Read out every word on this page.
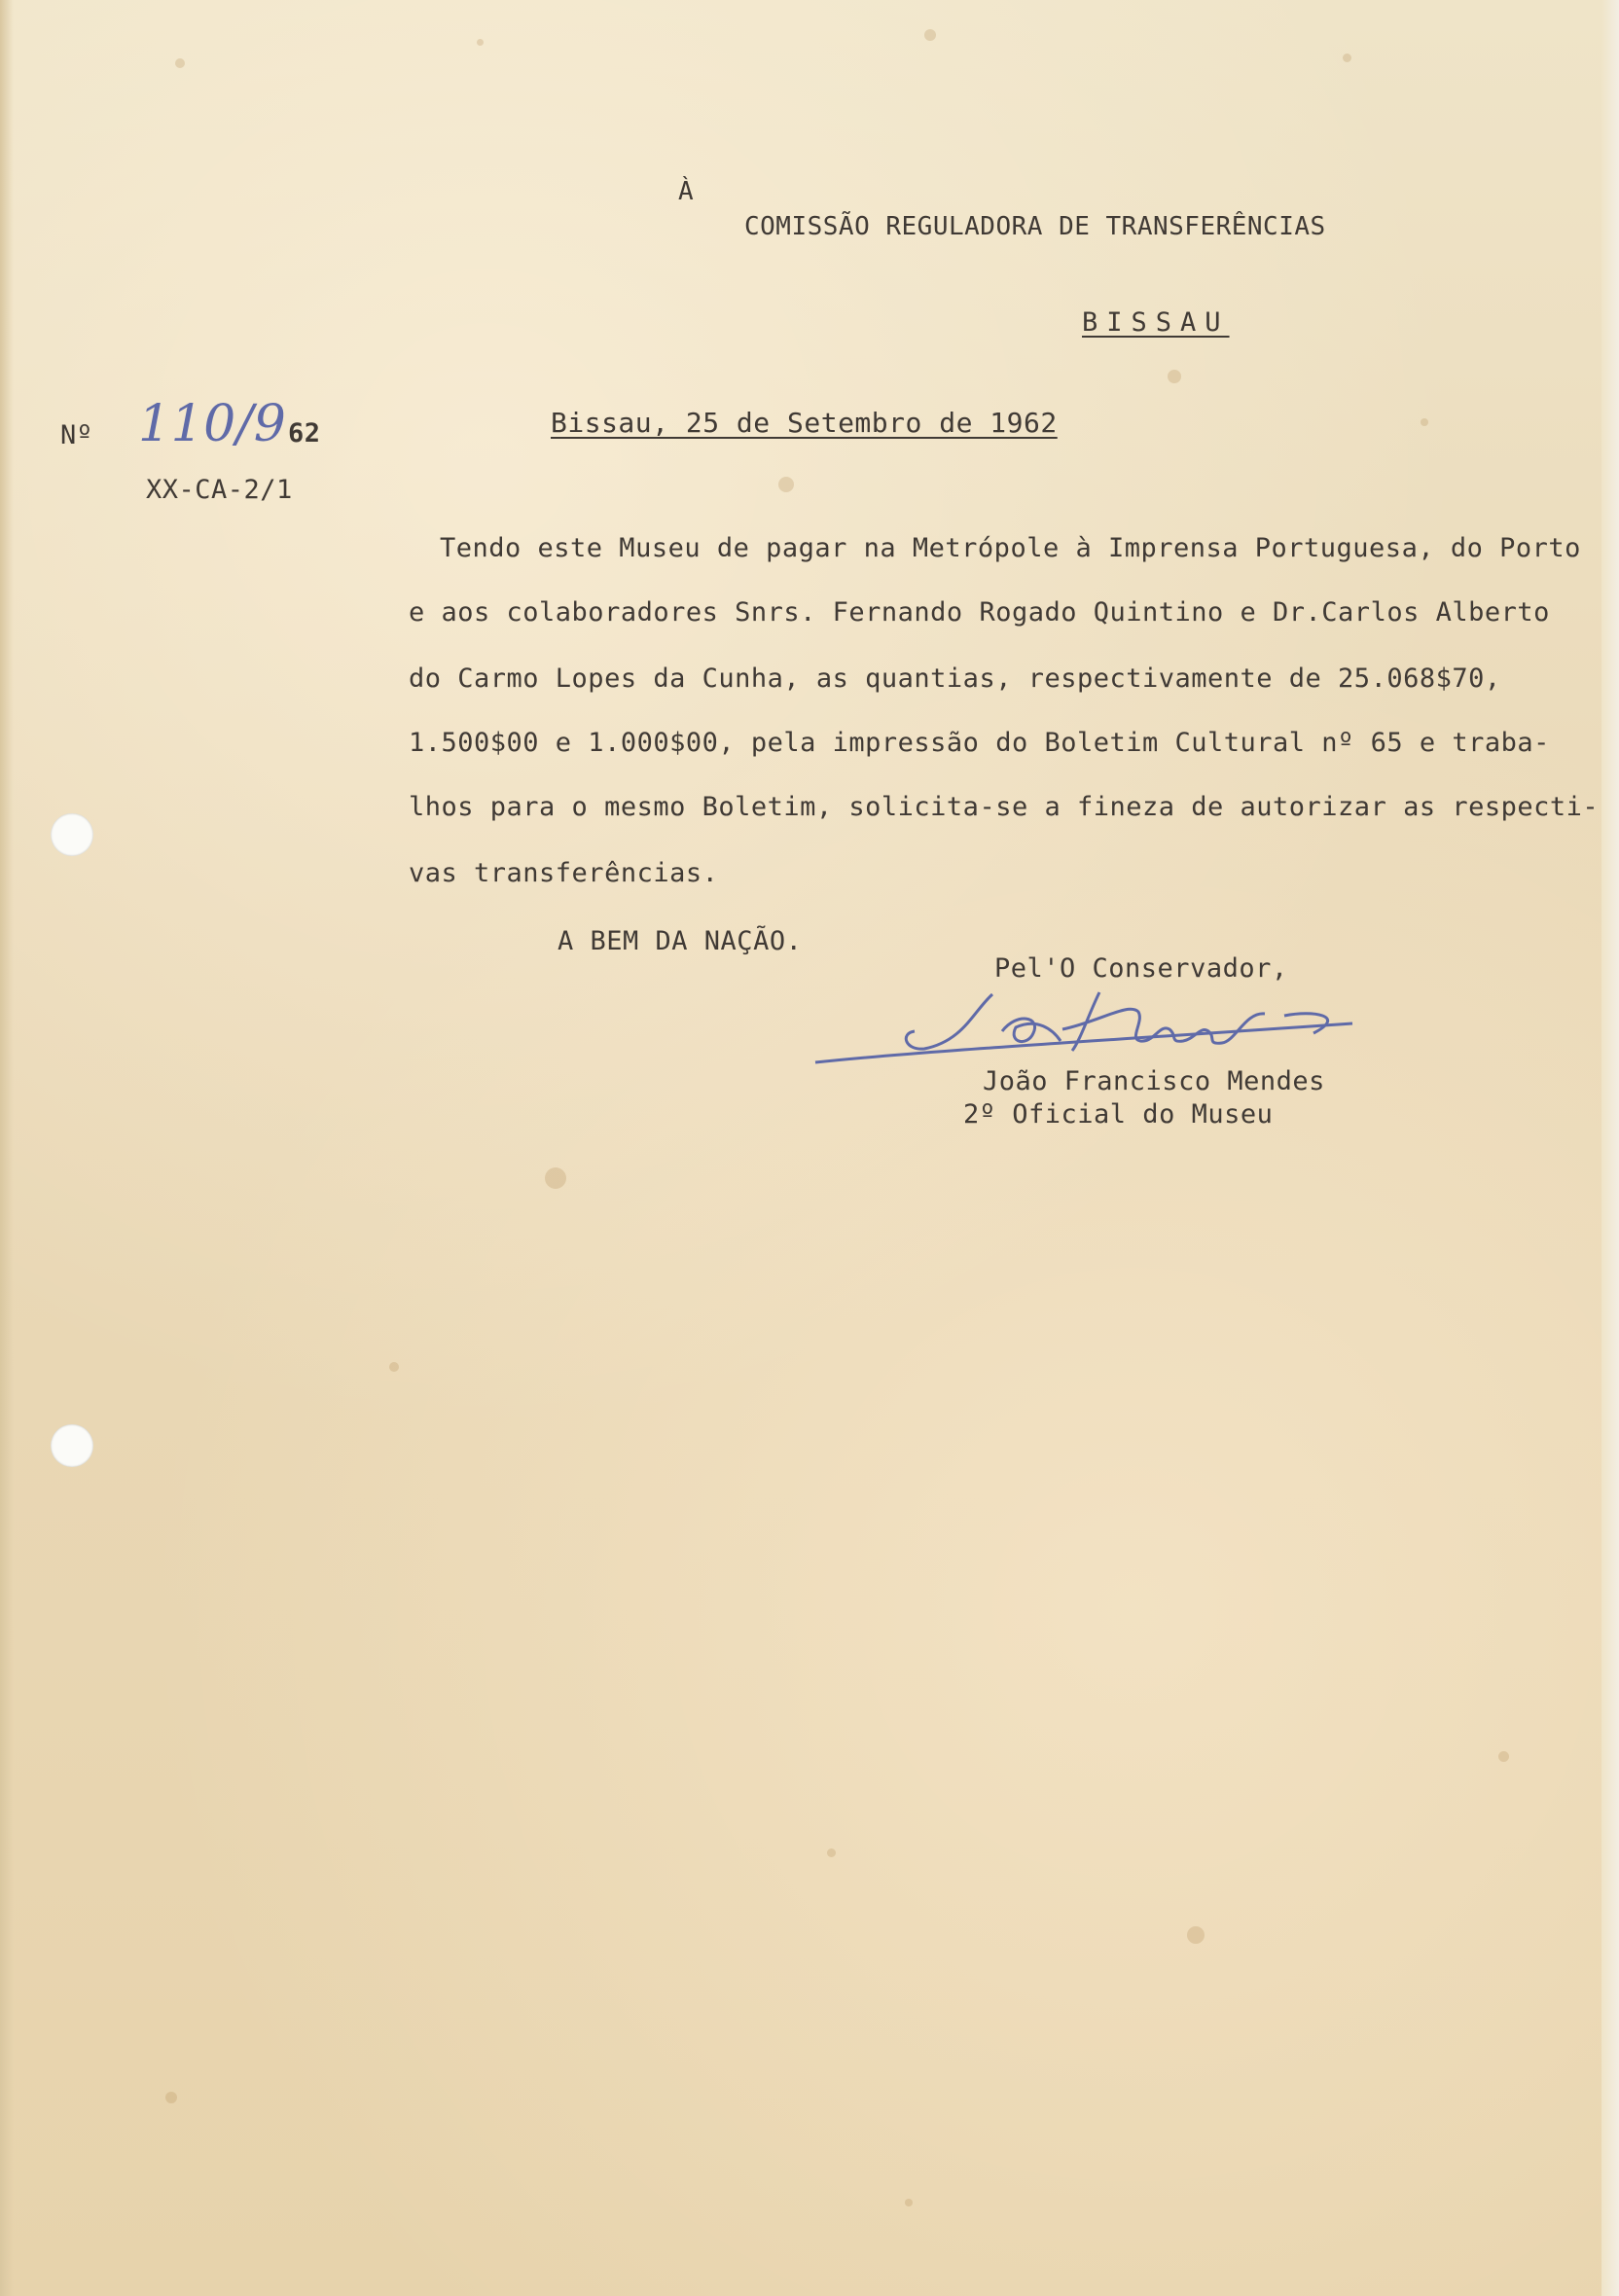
À
COMISSÃO REGULADORA DE TRANSFERÊNCIAS
BISSAU
Nº 110/9 62
XX-CA-2/1
Bissau, 25 de Setembro de 1962
Tendo este Museu de pagar na Metrópole à Imprensa Portuguesa, do Porto
e aos colaboradores Snrs. Fernando Rogado Quintino e Dr.Carlos Alberto
do Carmo Lopes da Cunha, as quantias, respectivamente de 25.068$70,
1.500$00 e 1.000$00, pela impressão do Boletim Cultural nº 65 e traba-
lhos para o mesmo Boletim, solicita-se a fineza de autorizar as respecti-
vas transferências.
A BEM DA NAÇÃO.
Pel'O Conservador,
João Francisco Mendes
2º Oficial do Museu
